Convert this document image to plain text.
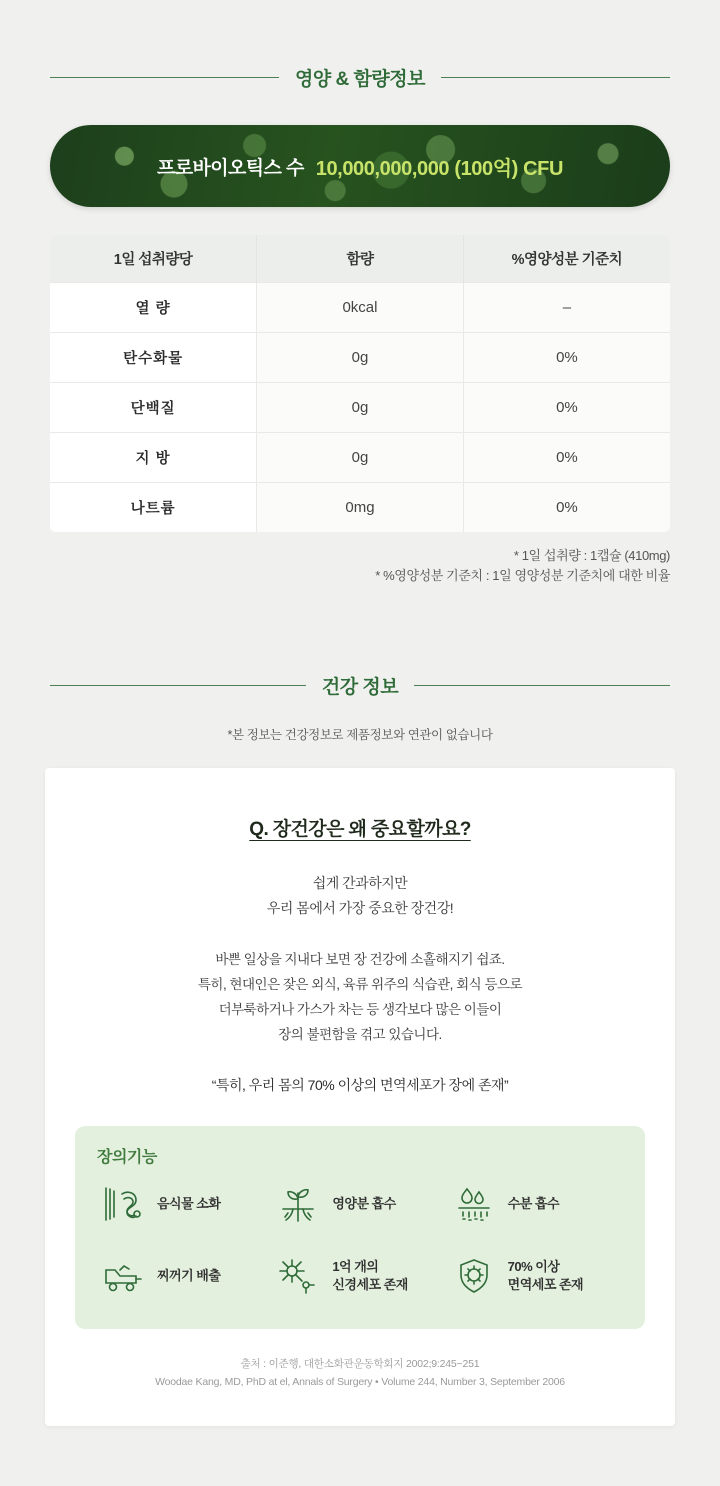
영양 & 함량정보
프로바이오틱스 수 10,000,000,000 (100억) CFU
1일 섭취량당	함량	%영양성분 기준치
열 량	0kcal	–
탄수화물	0g	0%
단백질	0g	0%
지 방	0g	0%
나트륨	0mg	0%
* 1일 섭취량 : 1캡슐 (410mg)
* %영양성분 기준치 : 1일 영양성분 기준치에 대한 비율
건강 정보
*본 정보는 건강정보로 제품정보와 연관이 없습니다
Q. 장건강은 왜 중요할까요?
쉽게 간과하지만
우리 몸에서 가장 중요한 장건강!
바쁜 일상을 지내다 보면 장 건강에 소홀해지기 쉽죠.
특히, 현대인은 잦은 외식, 육류 위주의 식습관, 회식 등으로
더부룩하거나 가스가 차는 등 생각보다 많은 이들이
장의 불편함을 겪고 있습니다.
“특히, 우리 몸의 70% 이상의 면역세포가 장에 존재”
장의기능
음식물 소화	영양분 흡수	수분 흡수
찌꺼기 배출
1억 개의
신경세포 존재
70% 이상
면역세포 존재
출처 : 이준행, 대한소화관운동학회지 2002;9:245~251
Woodae Kang, MD, PhD at el, Annals of Surgery • Volume 244, Number 3, September 2006
